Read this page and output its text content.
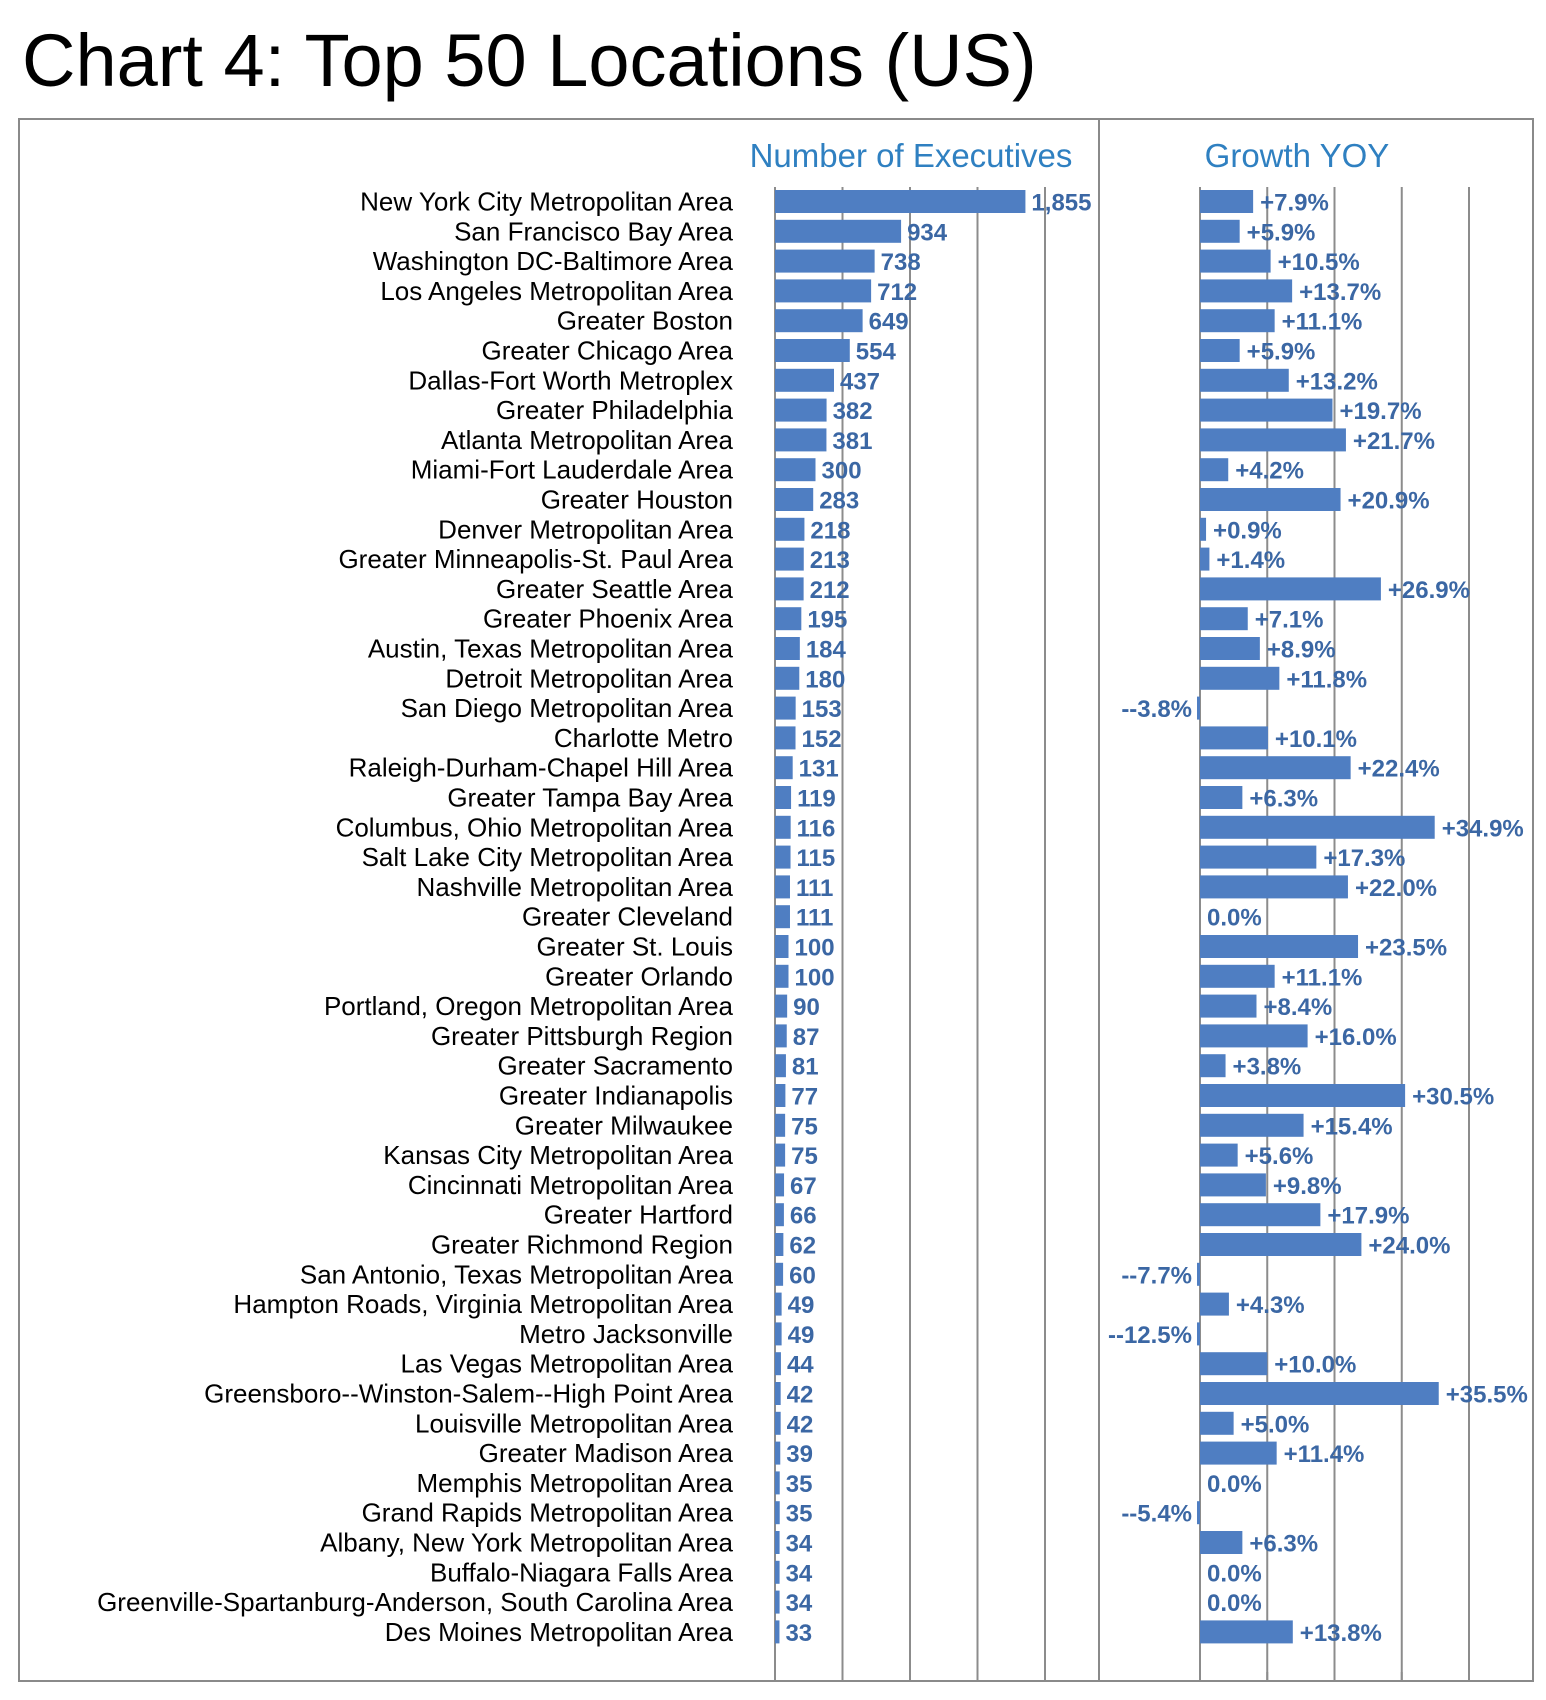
Chart 4: Top 50 Locations (US)
Number of Executives	Growth YOY
New York City Metropolitan Area
San Francisco Bay Area
Washington DC-Baltimore Area
Los Angeles Metropolitan Area
Greater Boston
Greater Chicago Area
Dallas-Fort Worth Metroplex
Greater Philadelphia
Atlanta Metropolitan Area
Miami-Fort Lauderdale Area
Greater Houston
Denver Metropolitan Area
Greater Minneapolis-St. Paul Area
Greater Seattle Area
Greater Phoenix Area
Austin, Texas Metropolitan Area
Detroit Metropolitan Area
San Diego Metropolitan Area
Charlotte Metro
Raleigh-Durham-Chapel Hill Area
Greater Tampa Bay Area
Columbus, Ohio Metropolitan Area
Salt Lake City Metropolitan Area
Nashville Metropolitan Area
Greater Cleveland
Greater St. Louis
Greater Orlando
Portland, Oregon Metropolitan Area
Greater Pittsburgh Region
Greater Sacramento
Greater Indianapolis
Greater Milwaukee
Kansas City Metropolitan Area
Cincinnati Metropolitan Area
Greater Hartford
Greater Richmond Region
San Antonio, Texas Metropolitan Area
Hampton Roads, Virginia Metropolitan Area
Metro Jacksonville
Las Vegas Metropolitan Area
Greensboro--Winston-Salem--High Point Area
Louisville Metropolitan Area
Greater Madison Area
Memphis Metropolitan Area
Grand Rapids Metropolitan Area
Albany, New York Metropolitan Area
Buffalo-Niagara Falls Area
Greenville-Spartanburg-Anderson, South Carolina Area
Des Moines Metropolitan Area
1,855
934
738
712
649
554
437
382
381
300
283
218
213
212
195
184
180
153
152
131
119
116
115
111
111
100
100
90
87
81
77
75
75
67
66
62
60
49
49
44
42
42
39
35
35
34
34
34
33
+7.9%
+5.9%
+10.5%
+13.7%
+11.1%
+5.9%
+13.2%
+19.7%
+21.7%
+4.2%
+20.9%
+0.9%
+1.4%
+26.9%
+7.1%
+8.9%
+11.8%
--3.8%
+10.1%
+22.4%
+6.3%
+34.9%
+17.3%
+22.0%
0.0%
+23.5%
+11.1%
+8.4%
+16.0%
+3.8%
+30.5%
+15.4%
+5.6%
+9.8%
+17.9%
+24.0%
--7.7%
+4.3%
--12.5%
+10.0%
+35.5%
+5.0%
+11.4%
0.0%
--5.4%
+6.3%
0.0%
0.0%
+13.8%
